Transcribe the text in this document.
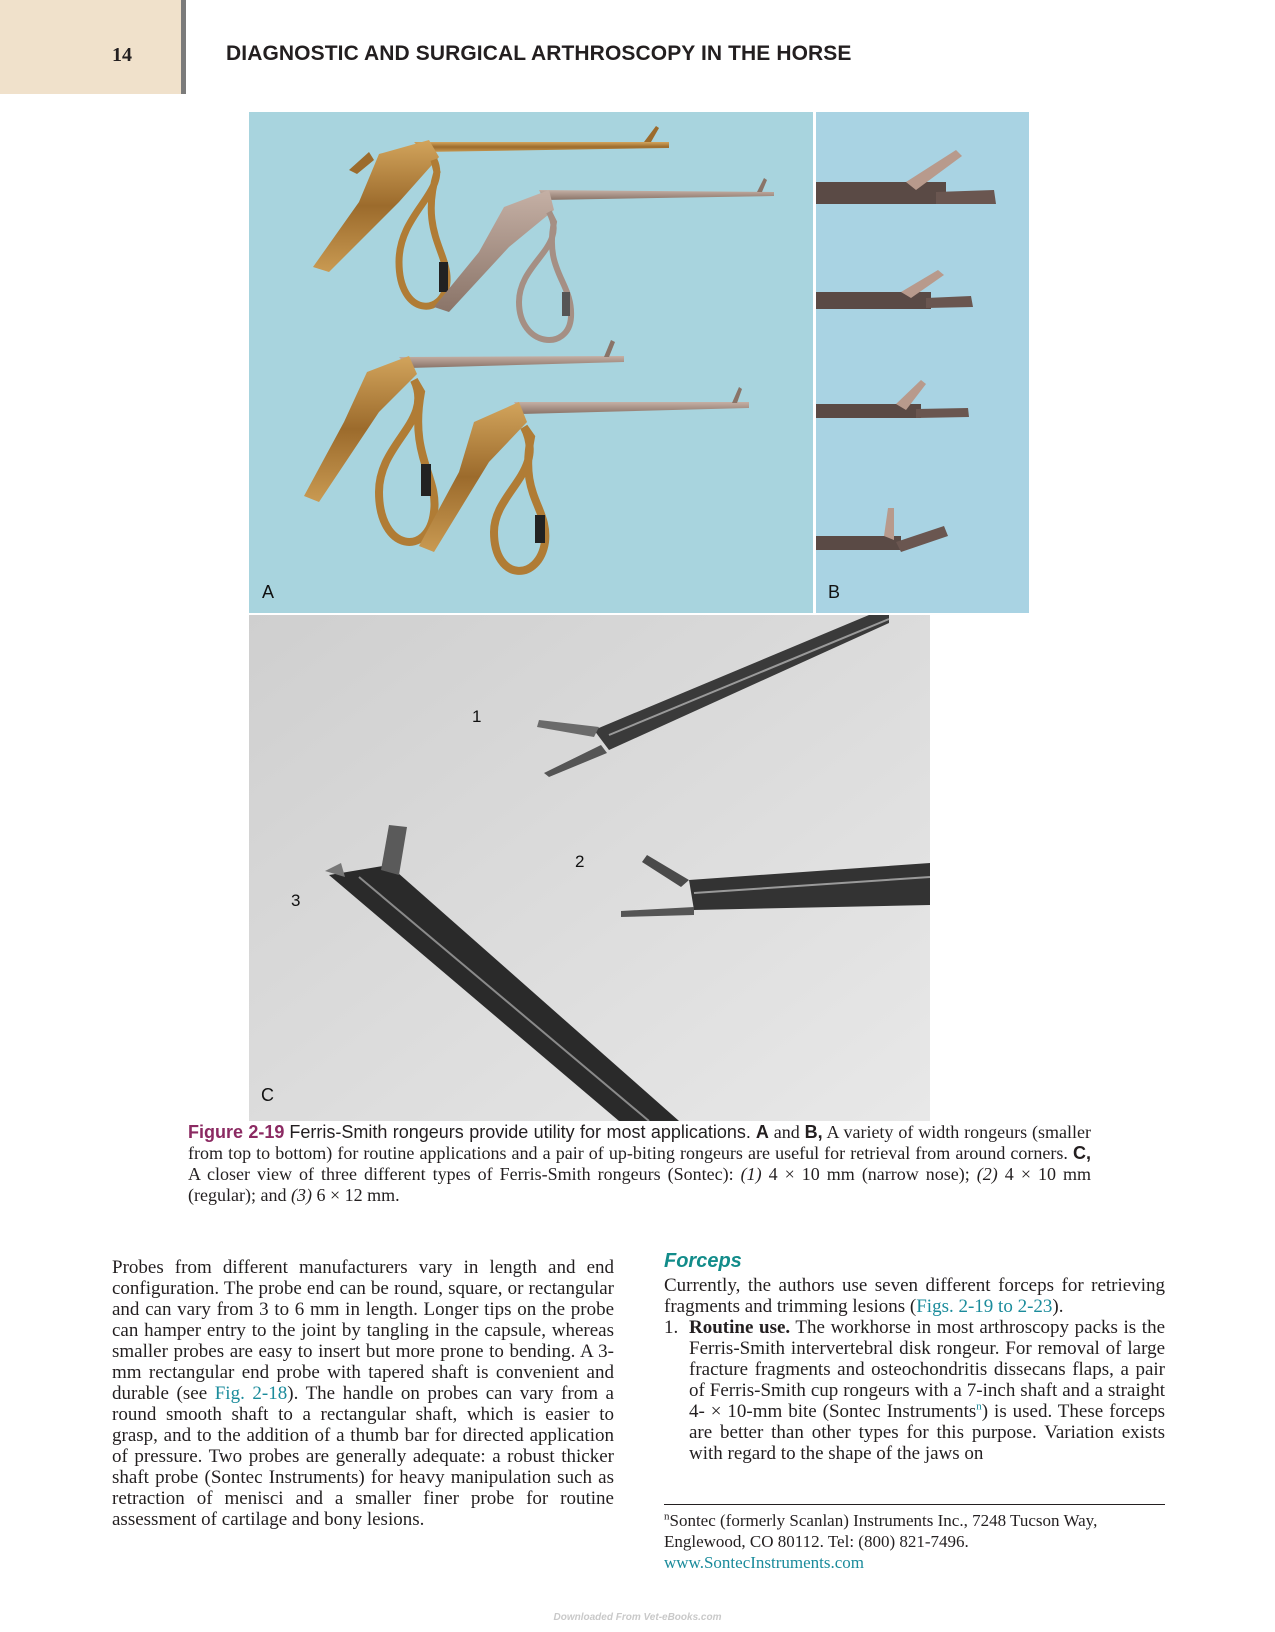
14	DIAGNOSTIC AND SURGICAL ARTHROSCOPY IN THE HORSE
A	B
1
2
3
C
Figure 2-19 Ferris-Smith rongeurs provide utility for most applications. A and B, A variety of width rongeurs (smaller from top to bottom) for routine applications and a pair of up-biting rongeurs are useful for retrieval from around corners. C, A closer view of three different types of Ferris-Smith rongeurs (Sontec): (1) 4 × 10 mm (narrow nose); (2) 4 × 10 mm (regular); and (3) 6 × 12 mm.

Probes from different manufacturers vary in length and end configuration. The probe end can be round, square, or rectangular and can vary from 3 to 6 mm in length. Longer tips on the probe can hamper entry to the joint by tangling in the capsule, whereas smaller probes are easy to insert but more prone to bending. A 3-mm rectangular end probe with tapered shaft is convenient and durable (see Fig. 2-18). The handle on probes can vary from a round smooth shaft to a rectangular shaft, which is easier to grasp, and to the addition of a thumb bar for directed application of pressure. Two probes are generally adequate: a robust thicker shaft probe (Sontec Instruments) for heavy manipulation such as retraction of menisci and a smaller finer probe for routine assessment of cartilage and bony lesions.

Forceps

Currently, the authors use seven different forceps for retrieving fragments and trimming lesions (Figs. 2-19 to 2-23).

1. Routine use. The workhorse in most arthroscopy packs is the Ferris-Smith intervertebral disk rongeur. For removal of large fracture fragments and osteochondritis dissecans flaps, a pair of Ferris-Smith cup rongeurs with a 7-inch shaft and a straight 4- × 10-mm bite (Sontec Instruments$^n$) is used. These forceps are better than other types for this purpose. Variation exists with regard to the shape of the jaws on
$^n$Sontec (formerly Scanlan) Instruments Inc., 7248 Tucson Way, Englewood, CO 80112. Tel: (800) 821-7496. www.SontecInstruments.com
Downloaded From Vet-eBooks.com
